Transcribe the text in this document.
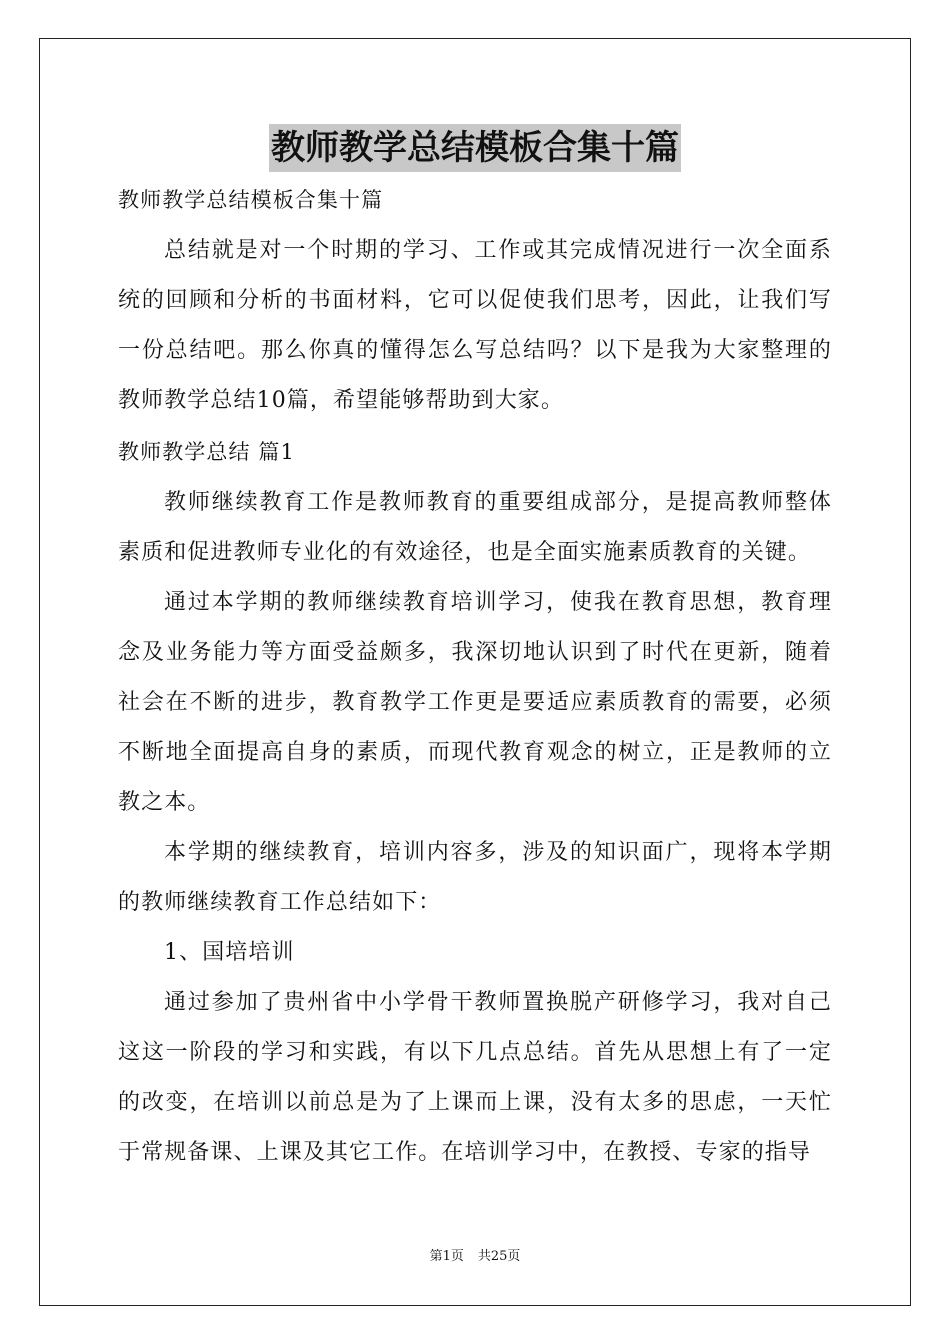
教师教学总结模板合集十篇

教师教学总结模板合集十篇

总结就是对一个时期的学习、工作或其完成情况进行一次全面系统的回顾和分析的书面材料，它可以促使我们思考，因此，让我们写一份总结吧。那么你真的懂得怎么写总结吗？以下是我为大家整理的教师教学总结10篇，希望能够帮助到大家。

教师教学总结 篇1

教师继续教育工作是教师教育的重要组成部分，是提高教师整体素质和促进教师专业化的有效途径，也是全面实施素质教育的关键。

通过本学期的教师继续教育培训学习，使我在教育思想，教育理念及业务能力等方面受益颇多，我深切地认识到了时代在更新，随着社会在不断的进步，教育教学工作更是要适应素质教育的需要，必须不断地全面提高自身的素质，而现代教育观念的树立，正是教师的立教之本。

本学期的继续教育，培训内容多，涉及的知识面广，现将本学期的教师继续教育工作总结如下：

1、国培培训

通过参加了贵州省中小学骨干教师置换脱产研修学习，我对自己这这一阶段的学习和实践，有以下几点总结。首先从思想上有了一定的改变，在培训以前总是为了上课而上课，没有太多的思虑，一天忙于常规备课、上课及其它工作。在培训学习中，在教授、专家的指导

第1页 共25页
